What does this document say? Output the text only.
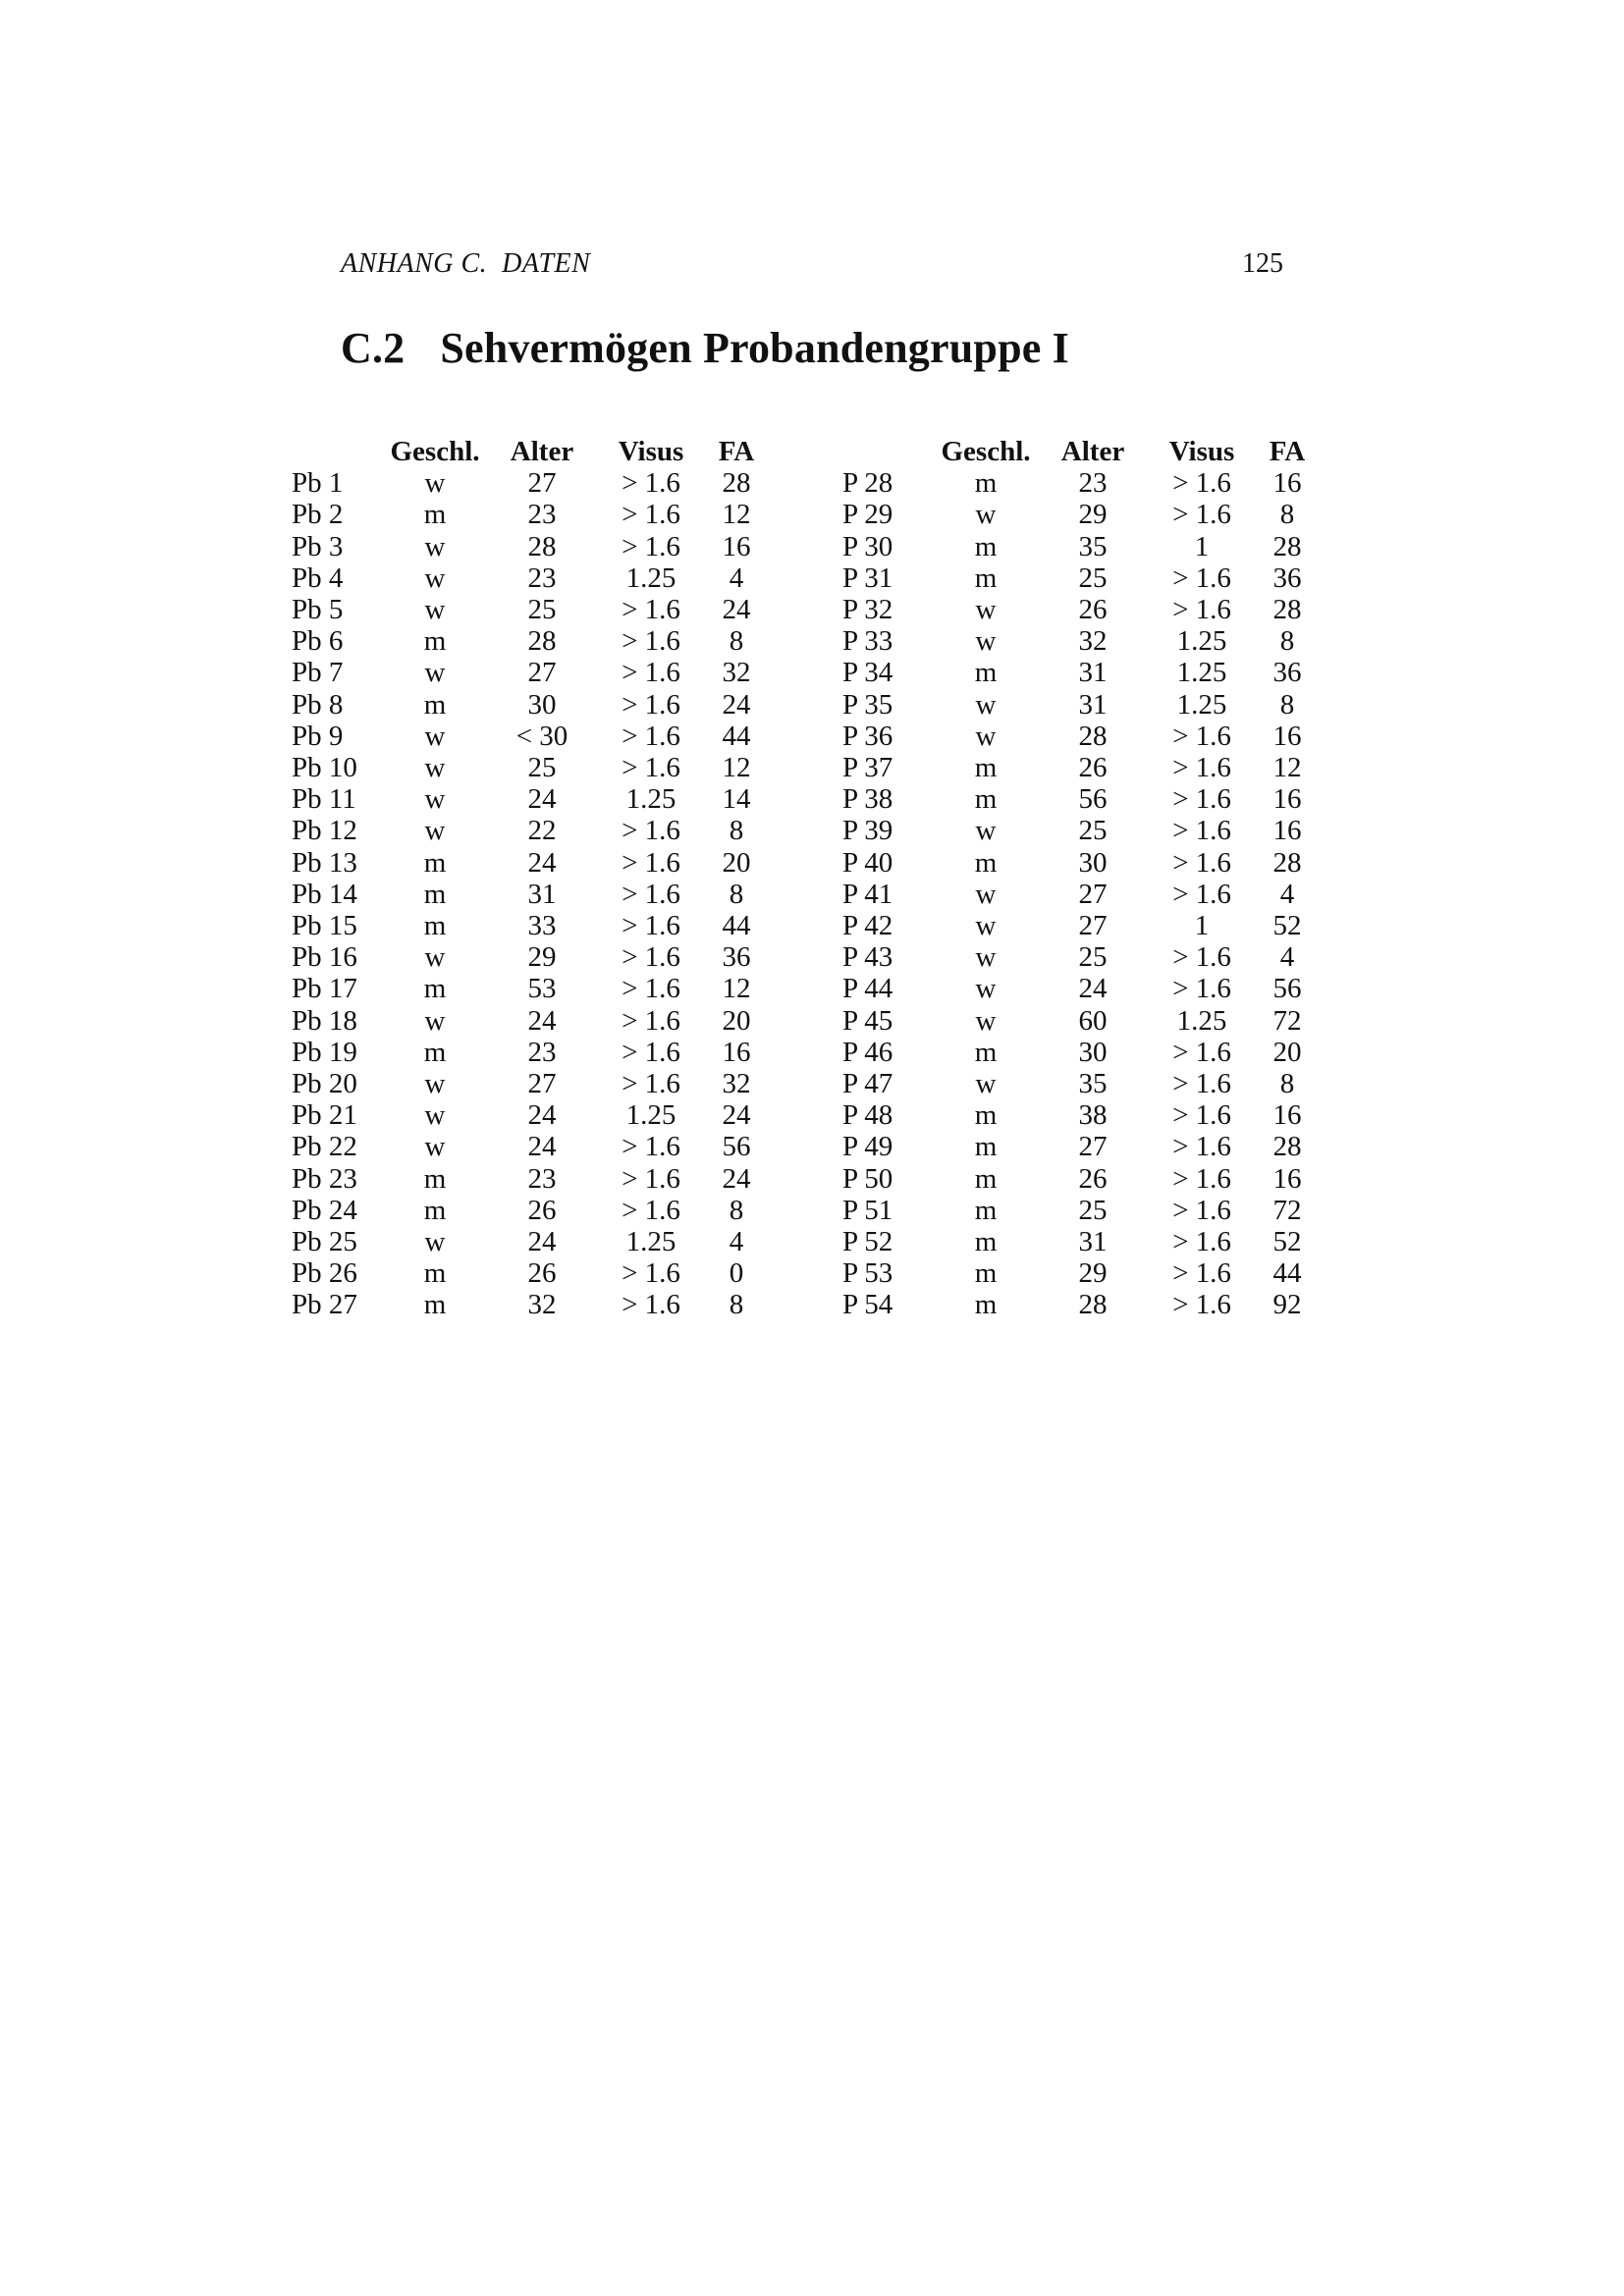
ANHANG C.  DATEN	125
C.2 Sehvermögen Probandengruppe I
	Geschl.	Alter	Visus	FA
Pb 1	w	27	> 1.6	28
Pb 2	m	23	> 1.6	12
Pb 3	w	28	> 1.6	16
Pb 4	w	23	1.25	4
Pb 5	w	25	> 1.6	24
Pb 6	m	28	> 1.6	8
Pb 7	w	27	> 1.6	32
Pb 8	m	30	> 1.6	24
Pb 9	w	< 30	> 1.6	44
Pb 10	w	25	> 1.6	12
Pb 11	w	24	1.25	14
Pb 12	w	22	> 1.6	8
Pb 13	m	24	> 1.6	20
Pb 14	m	31	> 1.6	8
Pb 15	m	33	> 1.6	44
Pb 16	w	29	> 1.6	36
Pb 17	m	53	> 1.6	12
Pb 18	w	24	> 1.6	20
Pb 19	m	23	> 1.6	16
Pb 20	w	27	> 1.6	32
Pb 21	w	24	1.25	24
Pb 22	w	24	> 1.6	56
Pb 23	m	23	> 1.6	24
Pb 24	m	26	> 1.6	8
Pb 25	w	24	1.25	4
Pb 26	m	26	> 1.6	0
Pb 27	m	32	> 1.6	8
	Geschl.	Alter	Visus	FA
P 28	m	23	> 1.6	16
P 29	w	29	> 1.6	8
P 30	m	35	1	28
P 31	m	25	> 1.6	36
P 32	w	26	> 1.6	28
P 33	w	32	1.25	8
P 34	m	31	1.25	36
P 35	w	31	1.25	8
P 36	w	28	> 1.6	16
P 37	m	26	> 1.6	12
P 38	m	56	> 1.6	16
P 39	w	25	> 1.6	16
P 40	m	30	> 1.6	28
P 41	w	27	> 1.6	4
P 42	w	27	1	52
P 43	w	25	> 1.6	4
P 44	w	24	> 1.6	56
P 45	w	60	1.25	72
P 46	m	30	> 1.6	20
P 47	w	35	> 1.6	8
P 48	m	38	> 1.6	16
P 49	m	27	> 1.6	28
P 50	m	26	> 1.6	16
P 51	m	25	> 1.6	72
P 52	m	31	> 1.6	52
P 53	m	29	> 1.6	44
P 54	m	28	> 1.6	92
